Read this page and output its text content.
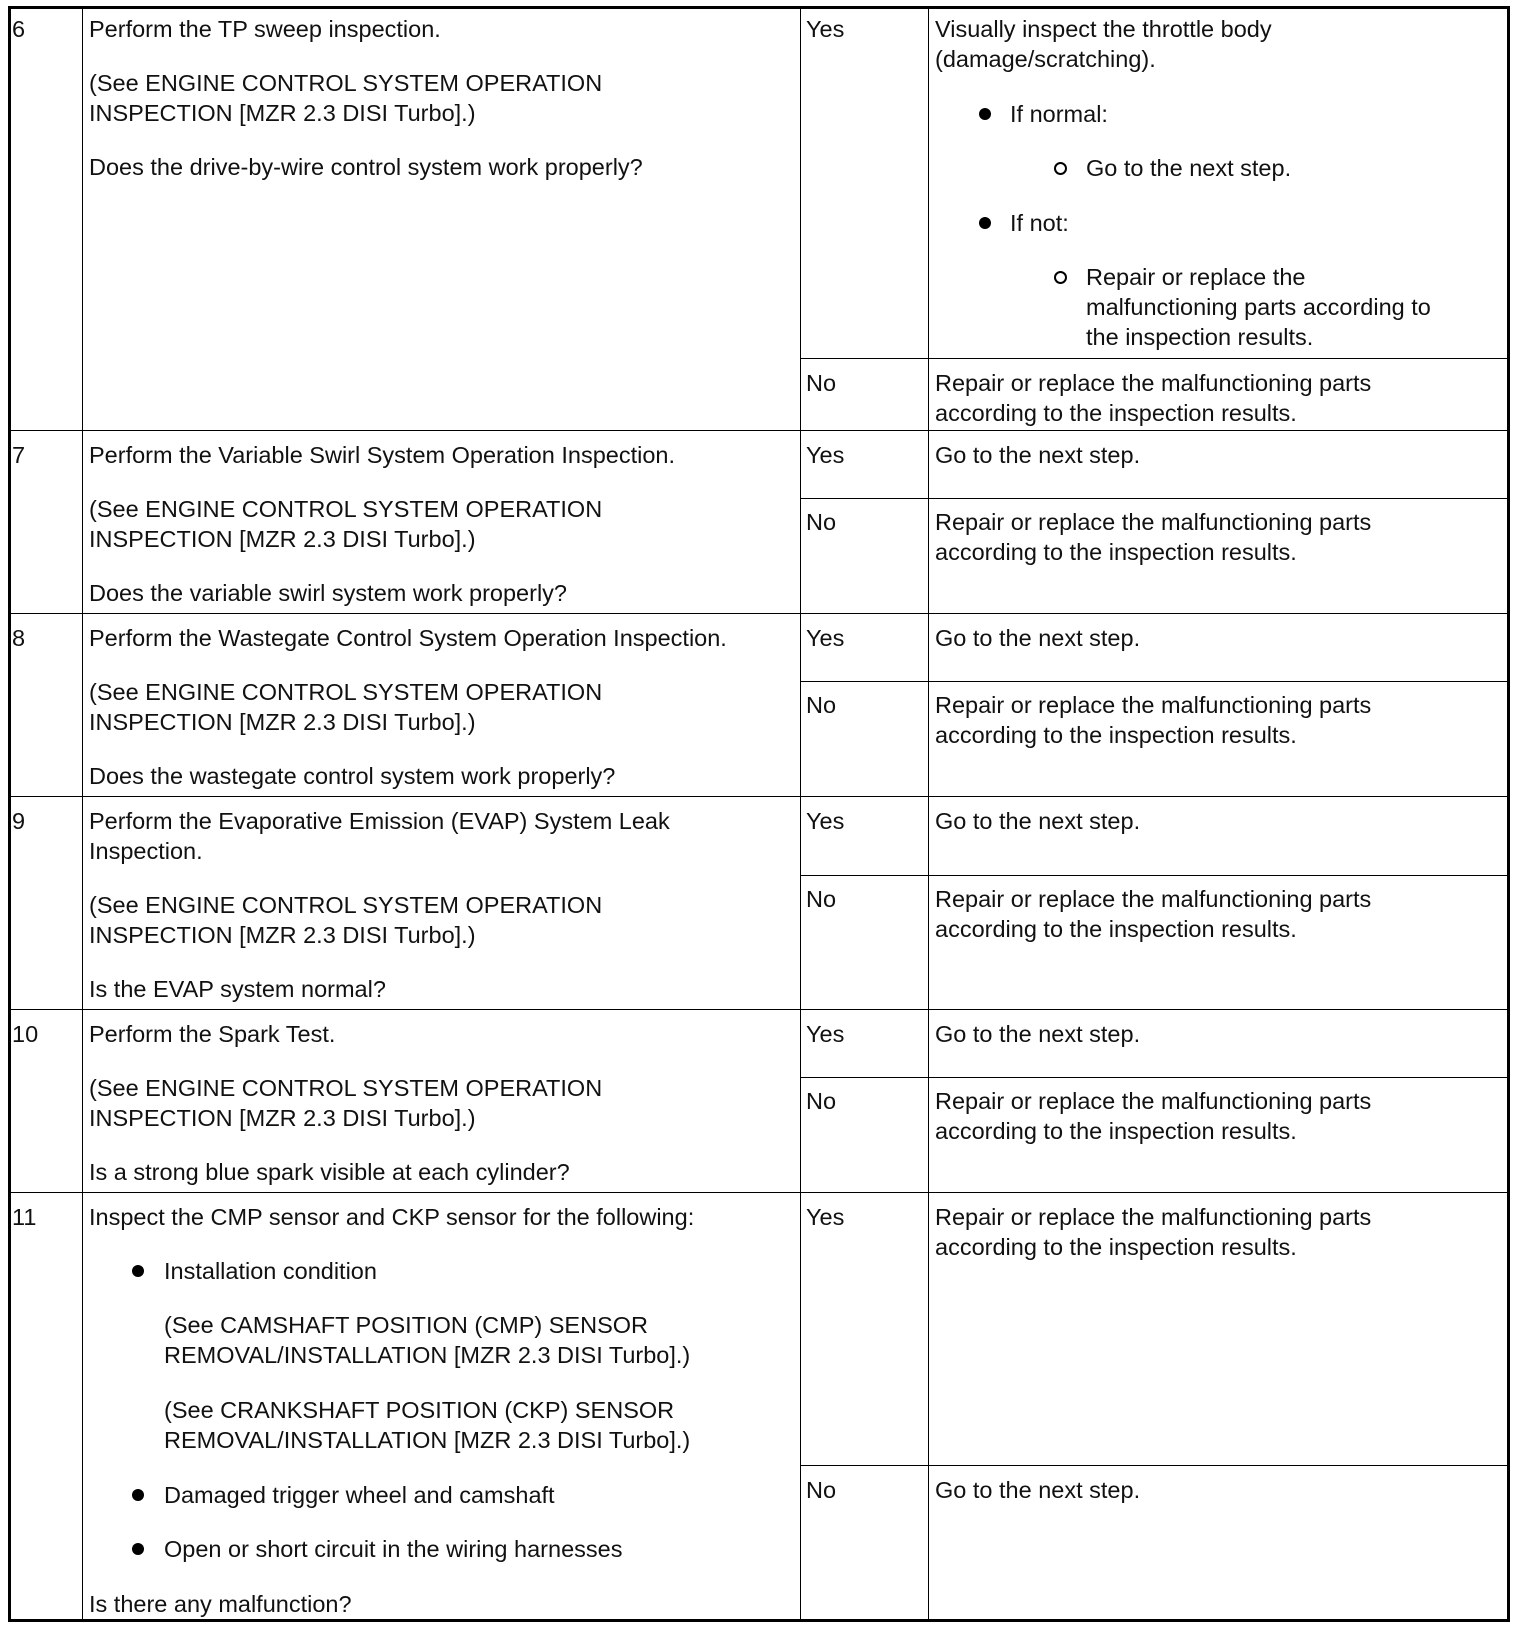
6	Perform the TP sweep inspection.
(See ENGINE CONTROL SYSTEM OPERATION
INSPECTION [MZR 2.3 DISI Turbo].)
Does the drive-by-wire control system work properly?
Yes	Visually inspect the throttle body
(damage/scratching).
If normal:
Go to the next step.
If not:
Repair or replace the
malfunctioning parts according to
the inspection results.
No	Repair or replace the malfunctioning parts
according to the inspection results.
7	Perform the Variable Swirl System Operation Inspection.
(See ENGINE CONTROL SYSTEM OPERATION
INSPECTION [MZR 2.3 DISI Turbo].)
Does the variable swirl system work properly?
Yes	Go to the next step.
No	Repair or replace the malfunctioning parts
according to the inspection results.
8	Perform the Wastegate Control System Operation Inspection.
(See ENGINE CONTROL SYSTEM OPERATION
INSPECTION [MZR 2.3 DISI Turbo].)
Does the wastegate control system work properly?
Yes	Go to the next step.
No	Repair or replace the malfunctioning parts
according to the inspection results.
9	Perform the Evaporative Emission (EVAP) System Leak
Inspection.
(See ENGINE CONTROL SYSTEM OPERATION
INSPECTION [MZR 2.3 DISI Turbo].)
Is the EVAP system normal?
Yes	Go to the next step.
No	Repair or replace the malfunctioning parts
according to the inspection results.
10 Perform the Spark Test.
(See ENGINE CONTROL SYSTEM OPERATION
INSPECTION [MZR 2.3 DISI Turbo].)
Is a strong blue spark visible at each cylinder?
Yes	Go to the next step.
No	Repair or replace the malfunctioning parts
according to the inspection results.
11 Inspect the CMP sensor and CKP sensor for the following:
Installation condition
(See CAMSHAFT POSITION (CMP) SENSOR
REMOVAL/INSTALLATION [MZR 2.3 DISI Turbo].)
(See CRANKSHAFT POSITION (CKP) SENSOR
REMOVAL/INSTALLATION [MZR 2.3 DISI Turbo].)
Damaged trigger wheel and camshaft
Open or short circuit in the wiring harnesses
Is there any malfunction?
Yes	Repair or replace the malfunctioning parts
according to the inspection results.
No	Go to the next step.
